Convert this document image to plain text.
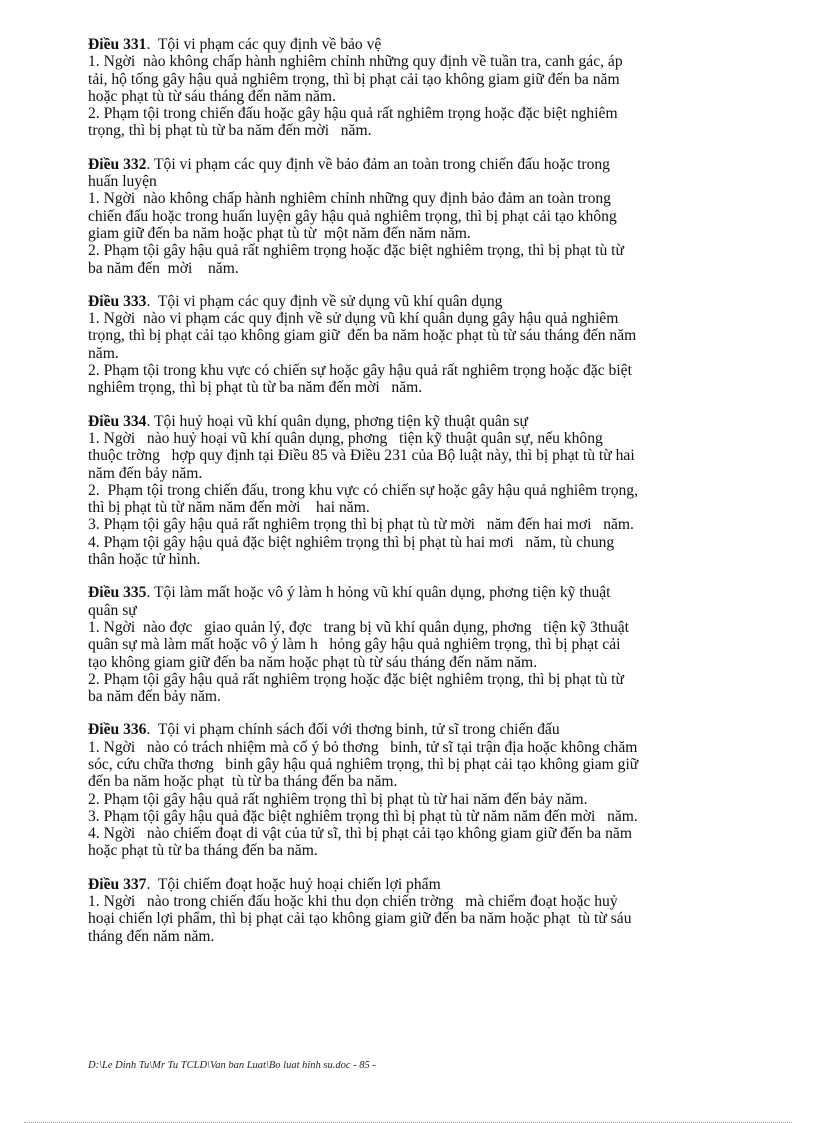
Điều 331.  Tội vi phạm các quy định về bảo vệ
1. Ngời  nào không chấp hành nghiêm chỉnh những quy định về tuần tra, canh gác, áp
tải, hộ tống gây hậu quả nghiêm trọng, thì bị phạt cải tạo không giam giữ đến ba năm
hoặc phạt tù từ sáu tháng đến năm năm.
2. Phạm tội trong chiến đấu hoặc gây hậu quả rất nghiêm trọng hoặc đặc biệt nghiêm
trọng, thì bị phạt tù từ ba năm đến mời   năm.
Điều 332. Tội vi phạm các quy định về bảo đảm an toàn trong chiến đấu hoặc trong
huấn luyện
1. Ngời  nào không chấp hành nghiêm chỉnh những quy định bảo đảm an toàn trong
chiến đấu hoặc trong huấn luyện gây hậu quả nghiêm trọng, thì bị phạt cải tạo không
giam giữ đến ba năm hoặc phạt tù từ  một năm đến năm năm.
2. Phạm tội gây hậu quả rất nghiêm trọng hoặc đặc biệt nghiêm trọng, thì bị phạt tù từ
ba năm đến  mời    năm.
Điều 333.  Tội vi phạm các quy định về sử dụng vũ khí quân dụng
1. Ngời  nào vi phạm các quy định về sử dụng vũ khí quân dụng gây hậu quả nghiêm
trọng, thì bị phạt cải tạo không giam giữ  đến ba năm hoặc phạt tù từ sáu tháng đến năm
năm.
2. Phạm tội trong khu vực có chiến sự hoặc gây hậu quả rất nghiêm trọng hoặc đặc biệt
nghiêm trọng, thì bị phạt tù từ ba năm đến mời   năm.
Điều 334. Tội huỷ hoại vũ khí quân dụng, phơng tiện kỹ thuật quân sự
1. Ngời   nào huỷ hoại vũ khí quân dụng, phơng   tiện kỹ thuật quân sự, nếu không
thuộc trờng   hợp quy định tại Điều 85 và Điều 231 của Bộ luật này, thì bị phạt tù từ hai
năm đến bảy năm.
2.  Phạm tội trong chiến đấu, trong khu vực có chiến sự hoặc gây hậu quả nghiêm trọng,
thì bị phạt tù từ năm năm đến mời    hai năm.
3. Phạm tội gây hậu quả rất nghiêm trọng thì bị phạt tù từ mời   năm đến hai mơi   năm.
4. Phạm tội gây hậu quả đặc biệt nghiêm trọng thì bị phạt tù hai mơi   năm, tù chung
thân hoặc tử hình.
Điều 335. Tội làm mất hoặc vô ý làm h hỏng vũ khí quân dụng, phơng tiện kỹ thuật
quân sự
1. Ngời  nào đợc   giao quản lý, đợc   trang bị vũ khí quân dụng, phơng   tiện kỹ 3thuật
quân sự mà làm mất hoặc vô ý làm h   hỏng gây hậu quả nghiêm trọng, thì bị phạt cải
tạo không giam giữ đến ba năm hoặc phạt tù từ sáu tháng đến năm năm.
2. Phạm tội gây hậu quả rất nghiêm trọng hoặc đặc biệt nghiêm trọng, thì bị phạt tù từ
ba năm đến bảy năm.
Điều 336.  Tội vi phạm chính sách đối với thơng binh, tử sĩ trong chiến đấu
1. Ngời   nào có trách nhiệm mà cố ý bỏ thơng   binh, tử sĩ tại trận địa hoặc không chăm
sóc, cứu chữa thơng   binh gây hậu quả nghiêm trọng, thì bị phạt cải tạo không giam giữ
đến ba năm hoặc phạt  tù từ ba tháng đến ba năm.
2. Phạm tội gây hậu quả rất nghiêm trọng thì bị phạt tù từ hai năm đến bảy năm.
3. Phạm tội gây hậu quả đặc biệt nghiêm trọng thì bị phạt tù từ năm năm đến mời   năm.
4. Ngời   nào chiếm đoạt di vật của tử sĩ, thì bị phạt cải tạo không giam giữ đến ba năm
hoặc phạt tù từ ba tháng đến ba năm.
Điều 337.  Tội chiếm đoạt hoặc huỷ hoại chiến lợi phẩm
1. Ngời   nào trong chiến đấu hoặc khi thu dọn chiến trờng   mà chiếm đoạt hoặc huỷ
hoại chiến lợi phẩm, thì bị phạt cải tạo không giam giữ đến ba năm hoặc phạt  tù từ sáu
tháng đến năm năm.
D:\Le Dinh Tu\Mr Tu TCLD\Van ban Luat\Bo luat hinh su.doc - 85 -
